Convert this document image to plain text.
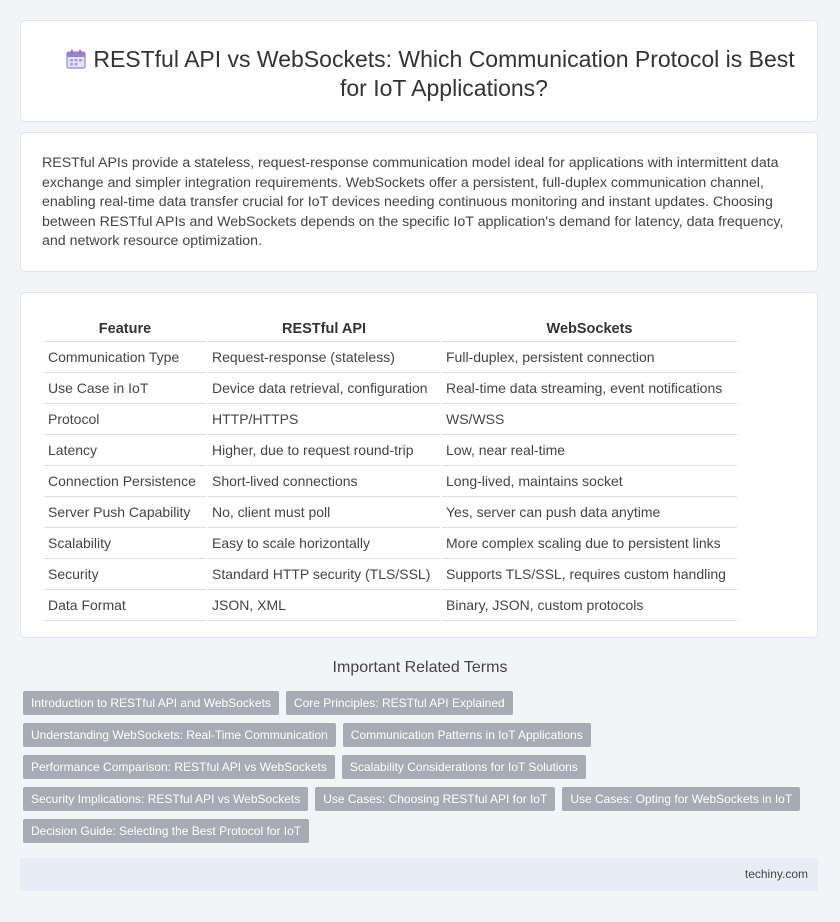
RESTful API vs WebSockets: Which Communication Protocol is Best for IoT Applications?
RESTful APIs provide a stateless, request-response communication model ideal for applications with intermittent data exchange and simpler integration requirements. WebSockets offer a persistent, full-duplex communication channel, enabling real-time data transfer crucial for IoT devices needing continuous monitoring and instant updates. Choosing between RESTful APIs and WebSockets depends on the specific IoT application's demand for latency, data frequency, and network resource optimization.
Feature	RESTful API	WebSockets
Communication Type	Request-response (stateless)	Full-duplex, persistent connection
Use Case in IoT	Device data retrieval, configuration	Real-time data streaming, event notifications
Protocol	HTTP/HTTPS	WS/WSS
Latency	Higher, due to request round-trip	Low, near real-time
Connection Persistence	Short-lived connections	Long-lived, maintains socket
Server Push Capability	No, client must poll	Yes, server can push data anytime
Scalability	Easy to scale horizontally	More complex scaling due to persistent links
Security	Standard HTTP security (TLS/SSL)	Supports TLS/SSL, requires custom handling
Data Format	JSON, XML	Binary, JSON, custom protocols
Important Related Terms
Introduction to RESTful API and WebSockets	Core Principles: RESTful API Explained
Understanding WebSockets: Real-Time Communication	Communication Patterns in IoT Applications
Performance Comparison: RESTful API vs WebSockets	Scalability Considerations for IoT Solutions
Security Implications: RESTful API vs WebSockets	Use Cases: Choosing RESTful API for IoT	Use Cases: Opting for WebSockets in IoT
Decision Guide: Selecting the Best Protocol for IoT
techiny.com
